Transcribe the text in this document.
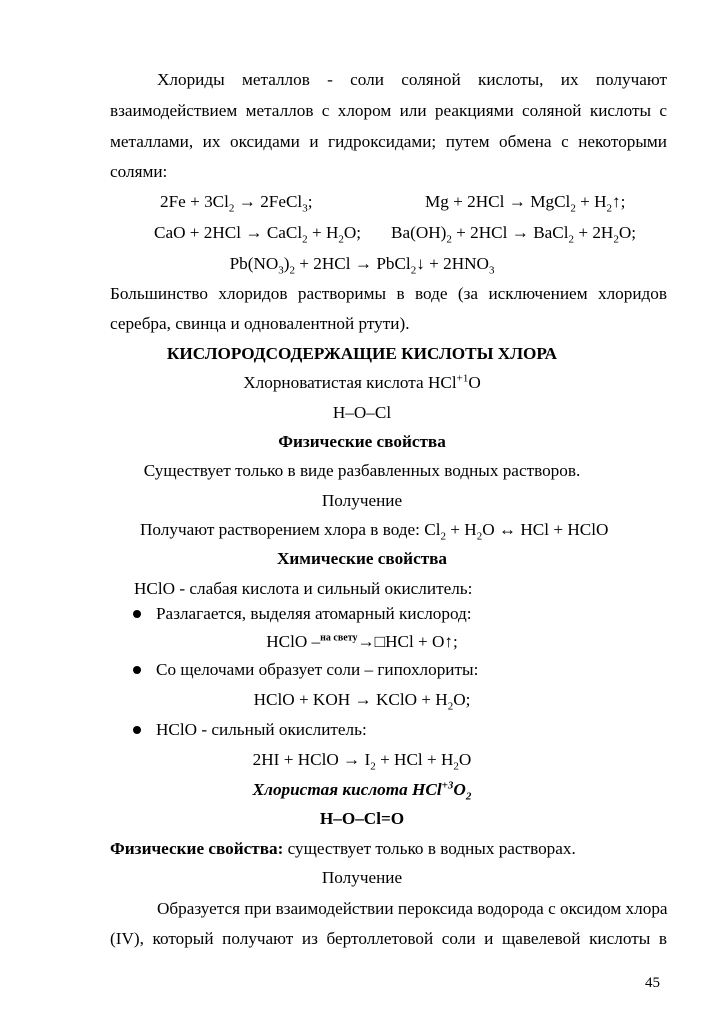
Хлориды металлов - соли соляной кислоты, их получают
взаимодействием металлов с хлором или реакциями соляной кислоты с
металлами, их оксидами и гидроксидами; путем обмена с некоторыми
солями:
$2Fe + 3Cl_2$ → 2FeCl$_3$;	Mg + 2HCl → MgCl$_2$ + $H_2↑$;
CaO + 2HCl → CaCl$_2$ + $H_2O$; $Ba(OH)_2 + 2HCl$ → BaCl$_2$ + $2H_2O$;
$Pb(NO_3)_2 + 2HCl$ → PbCl$_2$↓ + $2HNO_3$
Большинство хлоридов растворимы в воде (за исключением хлоридов
серебра, свинца и одновалентной ртути).
КИСЛОРОДСОДЕРЖАЩИЕ КИСЛОТЫ ХЛОРА
Хлорноватистая кислота HCl$^{+1}$O
H–O–Cl
Физические свойства
Существует только в виде разбавленных водных растворов.
Получение
Получают растворением хлора в воде: $Cl_2 + H_2O$ ↔ HCl + HClO
Химические свойства
HClO - слабая кислота и сильный окислитель:
Разлагается, выделяя атомарный кислород:
HClO –$^{на свету}$→□HCl + O↑;
Со щелочами образует соли – гипохлориты:
HClO + KOH → KClO + $H_2O$;
HClO - сильный окислитель:
2HI + HClO → $I_2$ + HCl + $H_2O$
Хлористая кислота $HCl^{+3}O_2$
H–O–Cl=O
Физические свойства: существует только в водных растворах.
Получение
Образуется при взаимодействии пероксида водорода с оксидом хлора
(IV), который получают из бертоллетовой соли и щавелевой кислоты в
45
